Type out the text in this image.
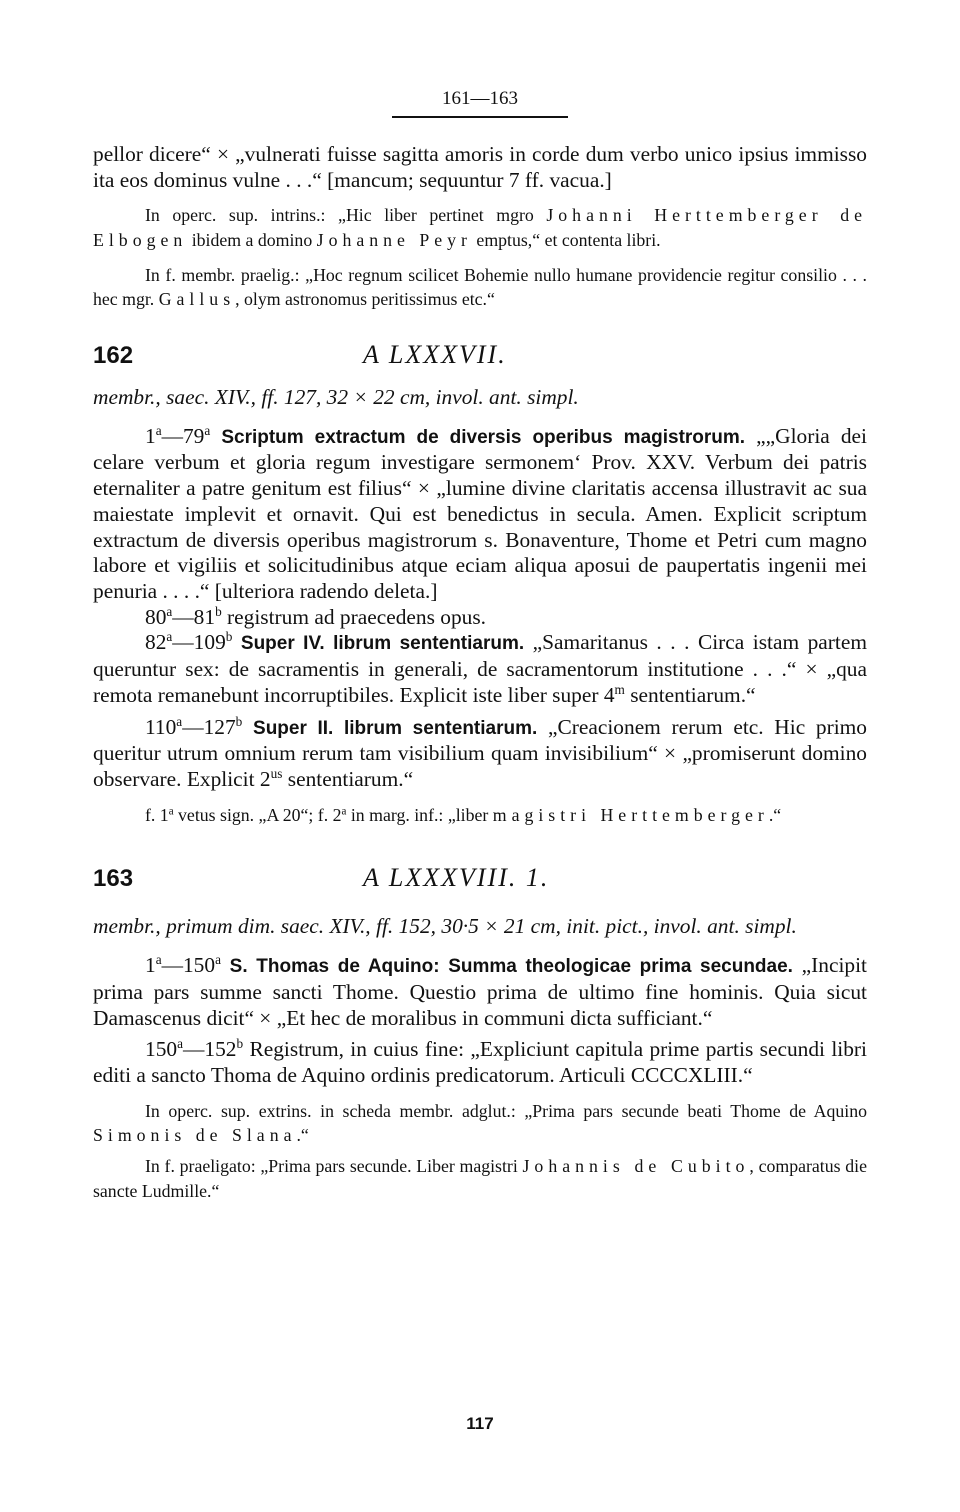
161—163

pellor dicere“ × „vulnerati fuisse sagitta amoris in corde dum verbo unico ipsius immisso ita eos dominus vulne . . .“ [mancum; sequuntur 7 ff. vacua.]

In operc. sup. intrins.: „Hic liber pertinet mgro Johanni Herttemberger de Elbogen ibidem a domino Johanne Peyr emptus,“ et contenta libri.

In f. membr. praelig.: „Hoc regnum scilicet Bohemie nullo humane providencie regitur consilio . . . hec mgr. Gallus, olym astronomus peritissimus etc.“

162	A LXXXVII.

membr., saec. XIV., ff. 127, 32 × 22 cm, invol. ant. simpl.

1$^a$—79$^a$ Scriptum extractum de diversis operibus magistrorum. „„Gloria dei celare verbum et gloria regum investigare sermonem‘ Prov. XXV. Verbum dei patris eternaliter a patre genitum est filius“ × „lumine divine claritatis accensa illustravit ac sua maiestate implevit et ornavit. Qui est benedictus in secula. Amen. Explicit scriptum extractum de diversis operibus magistrorum s. Bonaventure, Thome et Petri cum magno labore et vigiliis et solicitudinibus atque eciam aliqua aposui de paupertatis ingenii mei penuria . . . .“ [ulteriora radendo deleta.]

80$^a$—81$^b$ registrum ad praecedens opus.

82$^a$—109$^b$ Super IV. librum sententiarum. „Samaritanus . . . Circa istam partem queruntur sex: de sacramentis in generali, de sacramentorum institutione . . .“ × „qua remota remanebunt incorruptibiles. Explicit iste liber super 4$^m$ sententiarum.“

110$^a$—127$^b$ Super II. librum sententiarum. „Creacionem rerum etc. Hic primo queritur utrum omnium rerum tam visibilium quam invisibilium“ × „promiserunt domino observare. Explicit $2^{us}$ sententiarum.“

f. 1$^a$ vetus sign. „A 20“; f. 2$^a$ in marg. inf.: „liber magistri Herttemberger.“

163	A LXXXVIII. 1.

membr., primum dim. saec. XIV., ff. 152, 30·5 × 21 cm, init. pict., invol. ant. simpl.

1$^a$—150$^a$ S. Thomas de Aquino: Summa theologicae prima secundae. „Incipit prima pars summe sancti Thome. Questio prima de ultimo fine hominis. Quia sicut Damascenus dicit“ × „Et hec de moralibus in communi dicta sufficiant.“

150$^a$—152$^b$ Registrum, in cuius fine: „Expliciunt capitula prime partis secundi libri editi a sancto Thoma de Aquino ordinis predicatorum. Articuli CCCCXLIII.“

In operc. sup. extrins. in scheda membr. adglut.: „Prima pars secunde beati Thome de Aquino Simonis de Slana.“

In f. praeligato: „Prima pars secunde. Liber magistri Johannis de Cubito, comparatus die sancte Ludmille.“

117
